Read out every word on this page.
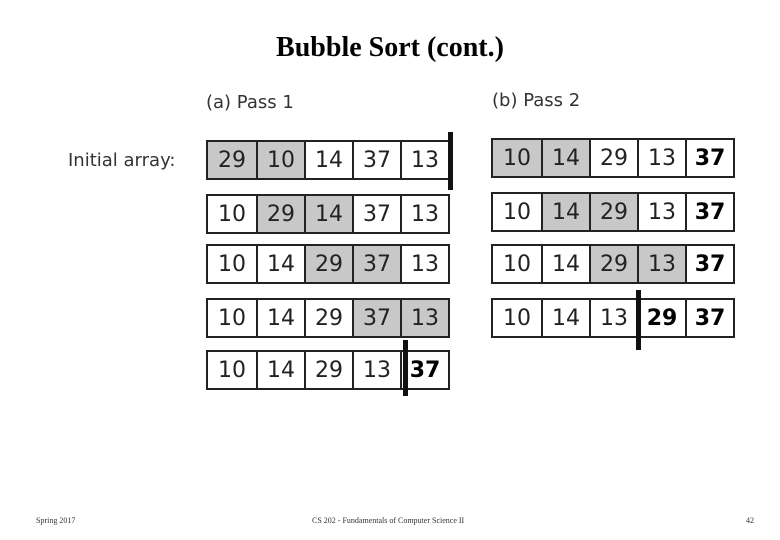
Bubble Sort (cont.)
(a) Pass 1	(b) Pass 2
Initial array:	29 10 14 37 13
10 29 14 37 13
10 14 29 37 13
10 14 29 37 13
10 14 29 13 37
10 14 29 13 37
10 14 29 13 37
10 14 29 13 37
10 14 13 29 37
Spring 2017	CS 202 - Fundamentals of Computer Science II	42
